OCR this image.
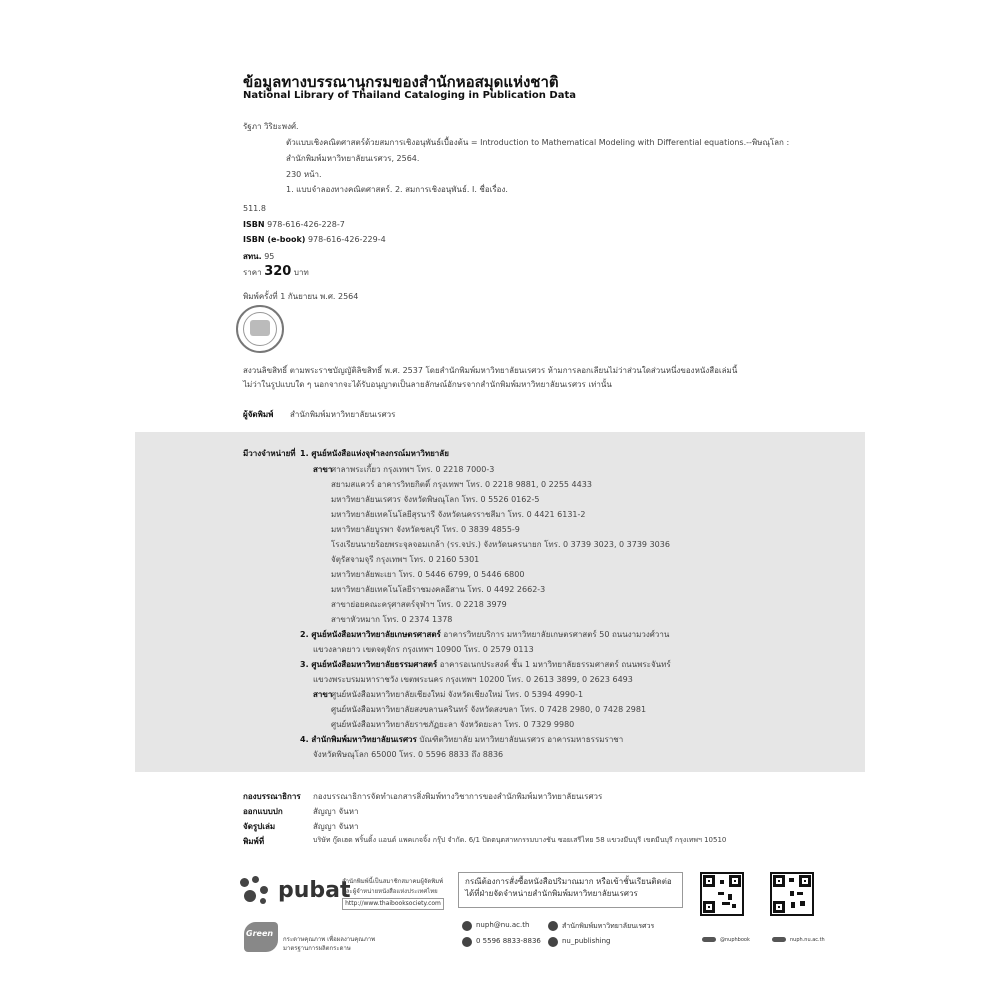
ข้อมูลทางบรรณานุกรมของสำนักหอสมุดแห่งชาติ
National Library of Thailand Cataloging in Publication Data
รัฐภา วิริยะพงศ์.
ตัวแบบเชิงคณิตศาสตร์ด้วยสมการเชิงอนุพันธ์เบื้องต้น = Introduction to Mathematical Modeling with Differential equations.--พิษณุโลก :
สำนักพิมพ์มหาวิทยาลัยนเรศวร, 2564.
230 หน้า.
1. แบบจำลองทางคณิตศาสตร์. 2. สมการเชิงอนุพันธ์. I. ชื่อเรื่อง.
511.8
ISBN 978-616-426-228-7
ISBN (e-book) 978-616-426-229-4
สทน. 95
ราคา 320 บาท
พิมพ์ครั้งที่ 1 กันยายน พ.ศ. 2564
สงวนลิขสิทธิ์ ตามพระราชบัญญัติลิขสิทธิ์ พ.ศ. 2537 โดยสำนักพิมพ์มหาวิทยาลัยนเรศวร ห้ามการลอกเลียนไม่ว่าส่วนใดส่วนหนึ่งของหนังสือเล่มนี้
ไม่ว่าในรูปแบบใด ๆ นอกจากจะได้รับอนุญาตเป็นลายลักษณ์อักษรจากสำนักพิมพ์มหาวิทยาลัยนเรศวร เท่านั้น
ผู้จัดพิมพ์ สำนักพิมพ์มหาวิทยาลัยนเรศวร
มีวางจำหน่ายที่ 1. ศูนย์หนังสือแห่งจุฬาลงกรณ์มหาวิทยาลัย
สาขา
ศาลาพระเกี้ยว กรุงเทพฯ โทร. 0 2218 7000-3
สยามสแควร์ อาคารวิทยกิตติ์ กรุงเทพฯ โทร. 0 2218 9881, 0 2255 4433
มหาวิทยาลัยนเรศวร จังหวัดพิษณุโลก โทร. 0 5526 0162-5
มหาวิทยาลัยเทคโนโลยีสุรนารี จังหวัดนครราชสีมา โทร. 0 4421 6131-2
มหาวิทยาลัยบูรพา จังหวัดชลบุรี โทร. 0 3839 4855-9
โรงเรียนนายร้อยพระจุลจอมเกล้า (รร.จปร.) จังหวัดนครนายก โทร. 0 3739 3023, 0 3739 3036
จัตุรัสจามจุรี กรุงเทพฯ โทร. 0 2160 5301
มหาวิทยาลัยพะเยา โทร. 0 5446 6799, 0 5446 6800
มหาวิทยาลัยเทคโนโลยีราชมงคลอีสาน โทร. 0 4492 2662-3
สาขาย่อยคณะครุศาสตร์จุฬาฯ โทร. 0 2218 3979
สาขาหัวหมาก โทร. 0 2374 1378
2. ศูนย์หนังสือมหาวิทยาลัยเกษตรศาสตร์ อาคารวิทยบริการ มหาวิทยาลัยเกษตรศาสตร์ 50 ถนนงามวงศ์วาน
แขวงลาดยาว เขตจตุจักร กรุงเทพฯ 10900 โทร. 0 2579 0113
3. ศูนย์หนังสือมหาวิทยาลัยธรรมศาสตร์ อาคารอเนกประสงค์ ชั้น 1 มหาวิทยาลัยธรรมศาสตร์ ถนนพระจันทร์
แขวงพระบรมมหาราชวัง เขตพระนคร กรุงเทพฯ 10200 โทร. 0 2613 3899, 0 2623 6493
สาขา
ศูนย์หนังสือมหาวิทยาลัยเชียงใหม่ จังหวัดเชียงใหม่ โทร. 0 5394 4990-1
ศูนย์หนังสือมหาวิทยาลัยสงขลานครินทร์ จังหวัดสงขลา โทร. 0 7428 2980, 0 7428 2981
ศูนย์หนังสือมหาวิทยาลัยราชภัฏยะลา จังหวัดยะลา โทร. 0 7329 9980
4. สำนักพิมพ์มหาวิทยาลัยนเรศวร บัณฑิตวิทยาลัย มหาวิทยาลัยนเรศวร อาคารมหาธรรมราชา
จังหวัดพิษณุโลก 65000 โทร. 0 5596 8833 ถึง 8836
กองบรรณาธิการ กองบรรณาธิการจัดทำเอกสารสิ่งพิมพ์ทางวิชาการของสำนักพิมพ์มหาวิทยาลัยนเรศวร
ออกแบบปก	สัญญา จันหา
จัดรูปเล่ม	สัญญา จันหา
พิมพ์ที่	บริษัท กู๊ดเฮด พริ้นติ้ง แอนด์ แพคเกจจิ้ง กรุ๊ป จำกัด. 6/1 ปิตตนุตสาหกรรมบางชัน ซอยเสรีไทย 58 แขวงมีนบุรี เขตมีนบุรี กรุงเทพฯ 10510
pubat
สำนักพิมพ์นี้เป็นสมาชิกสมาคมผู้จัดพิมพ์
และผู้จำหน่ายหนังสือแห่งประเทศไทย
http://www.thaibooksociety.com
Green
กระดาษคุณภาพ เพื่อผลงานคุณภาพ
มาตรฐานการผลิตกระดาษ
กรณีต้องการสั่งซื้อหนังสือปริมาณมาก หรือเข้าชั้นเรียนติดต่อได้ที่ฝ่ายจัดจำหน่ายสำนักพิมพ์มหาวิทยาลัยนเรศวร
nuph@nu.ac.th	สำนักพิมพ์มหาวิทยาลัยนเรศวร
0 5596 8833-8836	nu_publishing	@nuphbook	nuph.nu.ac.th
